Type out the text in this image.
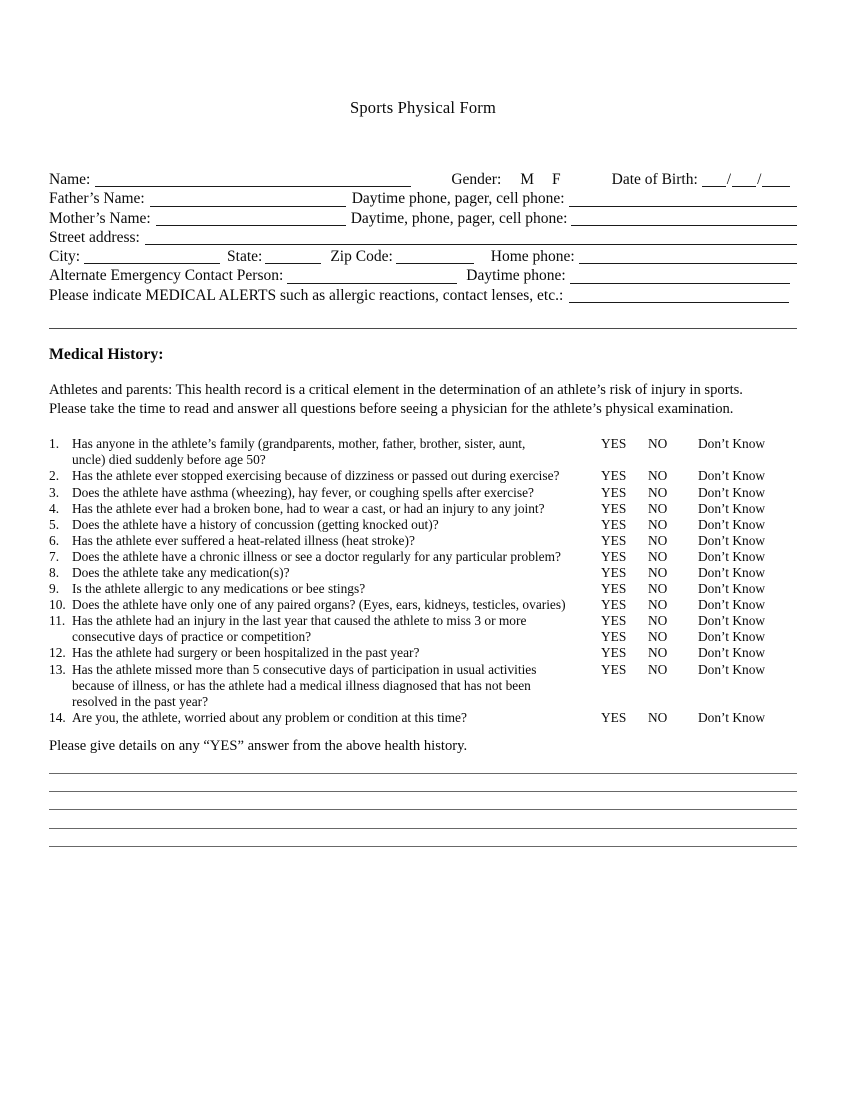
Sports Physical Form
Name:	Gender: M F	Date of Birth: / /
Father’s Name:	Daytime phone, pager, cell phone:
Mother’s Name:	Daytime, phone, pager, cell phone:
Street address:
City:	State:	Zip Code:	Home phone:
Alternate Emergency Contact Person:	Daytime phone:
Please indicate MEDICAL ALERTS such as allergic reactions, contact lenses, etc.:
Medical History:
Athletes and parents: This health record is a critical element in the determination of an athlete’s risk of injury in sports.
Please take the time to read and answer all questions before seeing a physician for the athlete’s physical examination.
1. Has anyone in the athlete’s family (grandparents, mother, father, brother, sister, aunt,	YES	NO	Don’t Know
uncle) died suddenly before age 50?
2. Has the athlete ever stopped exercising because of dizziness or passed out during exercise?	YES	NO	Don’t Know
3. Does the athlete have asthma (wheezing), hay fever, or coughing spells after exercise?	YES	NO	Don’t Know
4. Has the athlete ever had a broken bone, had to wear a cast, or had an injury to any joint?	YES	NO	Don’t Know
5. Does the athlete have a history of concussion (getting knocked out)?	YES	NO	Don’t Know
6. Has the athlete ever suffered a heat-related illness (heat stroke)?	YES	NO	Don’t Know
7. Does the athlete have a chronic illness or see a doctor regularly for any particular problem?	YES	NO	Don’t Know
8. Does the athlete take any medication(s)?	YES	NO	Don’t Know
9. Is the athlete allergic to any medications or bee stings?	YES	NO	Don’t Know
10. Does the athlete have only one of any paired organs? (Eyes, ears, kidneys, testicles, ovaries)	YES	NO	Don’t Know
11. Has the athlete had an injury in the last year that caused the athlete to miss 3 or more	YES	NO	Don’t Know
consecutive days of practice or competition?	YES	NO	Don’t Know
12. Has the athlete had surgery or been hospitalized in the past year?	YES	NO	Don’t Know
13. Has the athlete missed more than 5 consecutive days of participation in usual activities	YES	NO	Don’t Know
because of illness, or has the athlete had a medical illness diagnosed that has not been
resolved in the past year?
14. Are you, the athlete, worried about any problem or condition at this time?	YES	NO	Don’t Know
Please give details on any “YES” answer from the above health history.
